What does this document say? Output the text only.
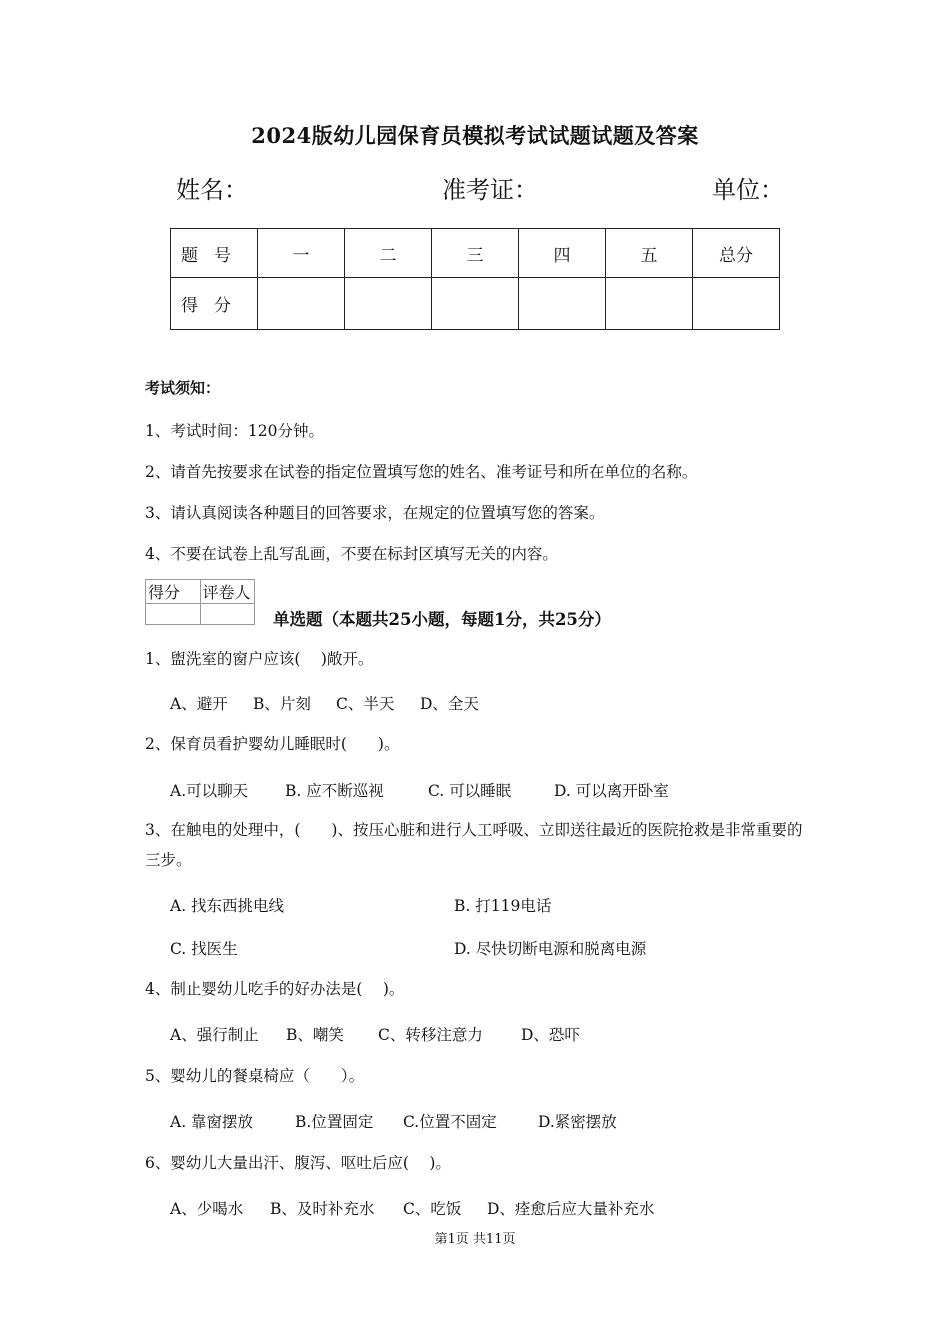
2024版幼儿园保育员模拟考试试题试题及答案
姓名：	准考证：	单位：
题号	一	二	三	四	五	总分
得分						
考试须知：
1、考试时间：120分钟。
2、请首先按要求在试卷的指定位置填写您的姓名、准考证号和所在单位的名称。
3、请认真阅读各种题目的回答要求，在规定的位置填写您的答案。
4、不要在试卷上乱写乱画，不要在标封区填写无关的内容。
得分	评卷人

单选题（本题共25小题，每题1分，共25分）
1、盥洗室的窗户应该(　 )敞开。
A、避开 B、片刻 C、半天 D、全天
2、保育员看护婴幼儿睡眠时(　　)。
A.可以聊天 B. 应不断巡视	C. 可以睡眠	D. 可以离开卧室
3、在触电的处理中，(　　)、按压心脏和进行人工呼吸、立即送往最近的医院抢救是非常重要的三步。
A. 找东西挑电线	B. 打119电话
C. 找医生	D. 尽快切断电源和脱离电源
4、制止婴幼儿吃手的好办法是(　 )。
A、强行制止 B、嘲笑 C、转移注意力 D、恐吓
5、婴幼儿的餐桌椅应（　　）。
A. 靠窗摆放	B.位置固定 C.位置不固定	D.紧密摆放
6、婴幼儿大量出汗、腹泻、呕吐后应(　 )。
A、少喝水 B、及时补充水 C、吃饭 D、痊愈后应大量补充水
第1页 共11页
